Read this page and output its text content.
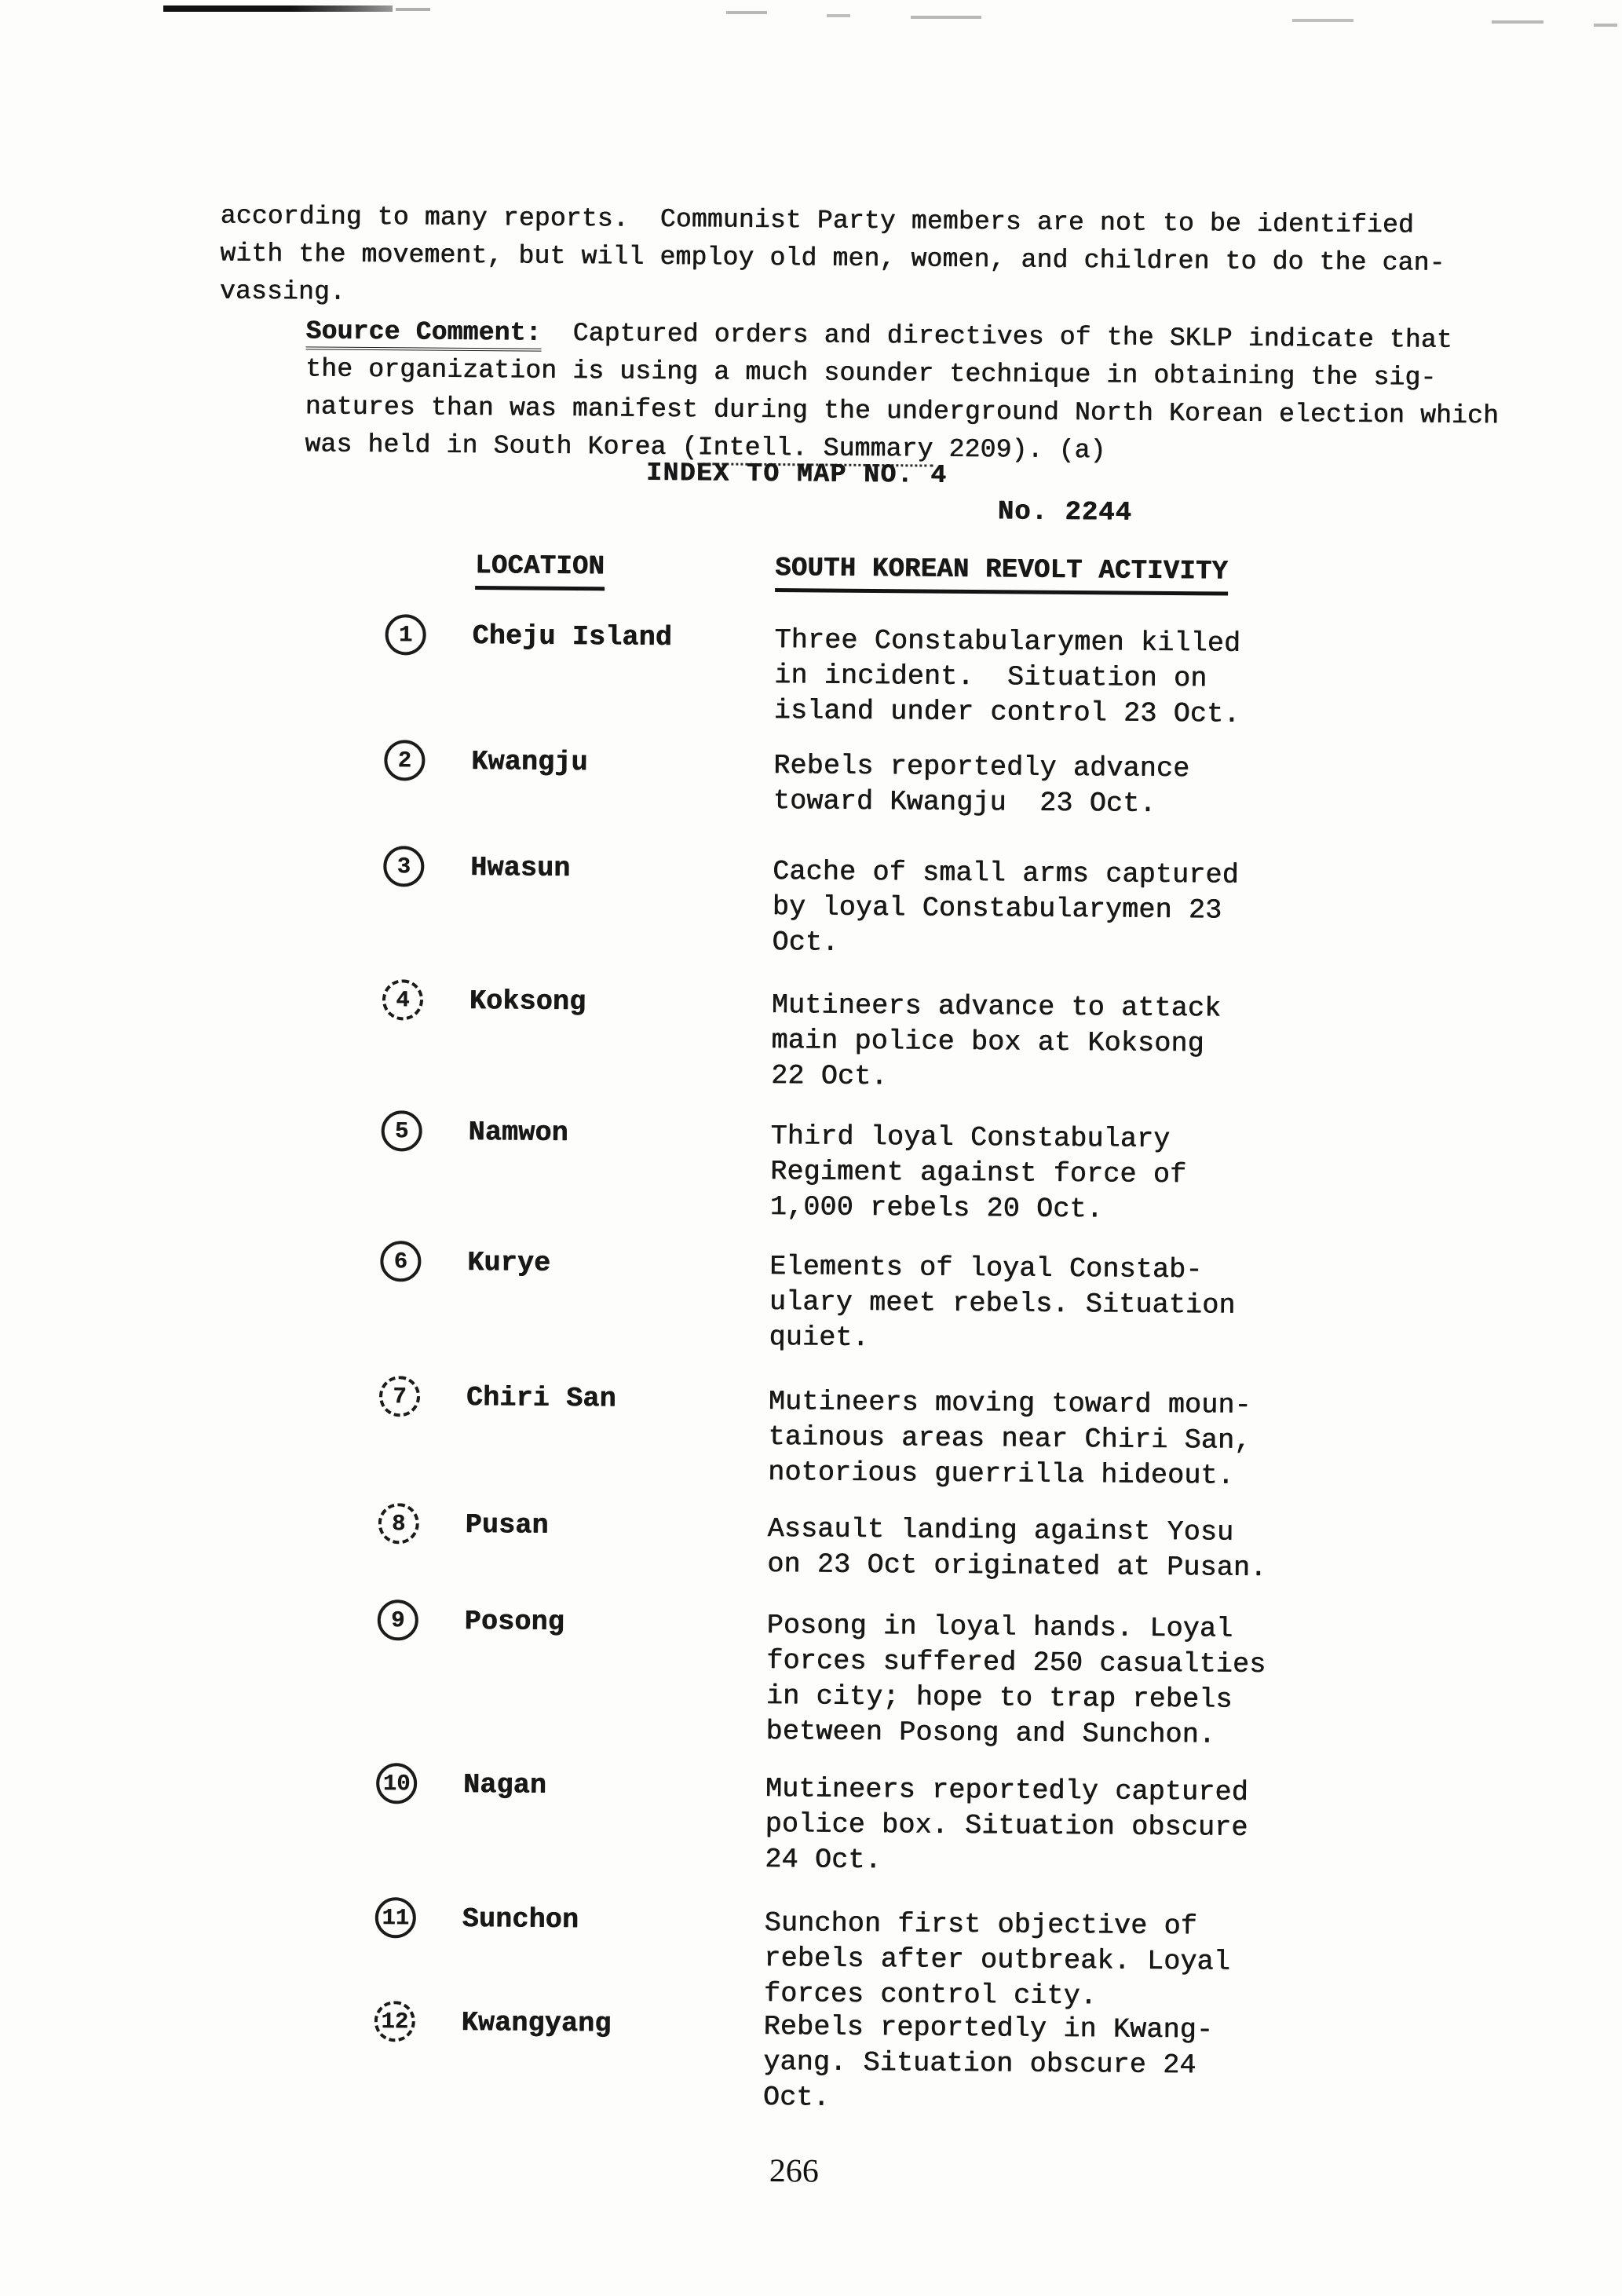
according to many reports.  Communist Party members are not to be identified
with the movement, but will employ old men, women, and children to do the can-
vassing.
Source Comment:  Captured orders and directives of the SKLP indicate that
the organization is using a much sounder technique in obtaining the sig-
natures than was manifest during the underground North Korean election which
was held in South Korea (Intell. Summary 2209). (a)
INDEX TO MAP NO. 4
No. 2244
LOCATION	SOUTH KOREAN REVOLT ACTIVITY
1 Cheju Island	Three Constabularymen killed
in incident.  Situation on
island under control 23 Oct.
2 Kwangju	Rebels reportedly advance
toward Kwangju  23 Oct.
3 Hwasun	Cache of small arms captured
by loyal Constabularymen 23
Oct.
4 Koksong	Mutineers advance to attack
main police box at Koksong
22 Oct.
5 Namwon	Third loyal Constabulary
Regiment against force of
1,000 rebels 20 Oct.
6 Kurye	Elements of loyal Constab-
ulary meet rebels. Situation
quiet.
7 Chiri San	Mutineers moving toward moun-
tainous areas near Chiri San,
notorious guerrilla hideout.
8 Pusan	Assault landing against Yosu
on 23 Oct originated at Pusan.
9 Posong	Posong in loyal hands. Loyal
forces suffered 250 casualties
in city; hope to trap rebels
between Posong and Sunchon.
10 Nagan	Mutineers reportedly captured
police box. Situation obscure
24 Oct.
11 Sunchon	Sunchon first objective of
rebels after outbreak. Loyal
forces control city.
12 Kwangyang	Rebels reportedly in Kwang-
yang. Situation obscure 24
Oct.
266
